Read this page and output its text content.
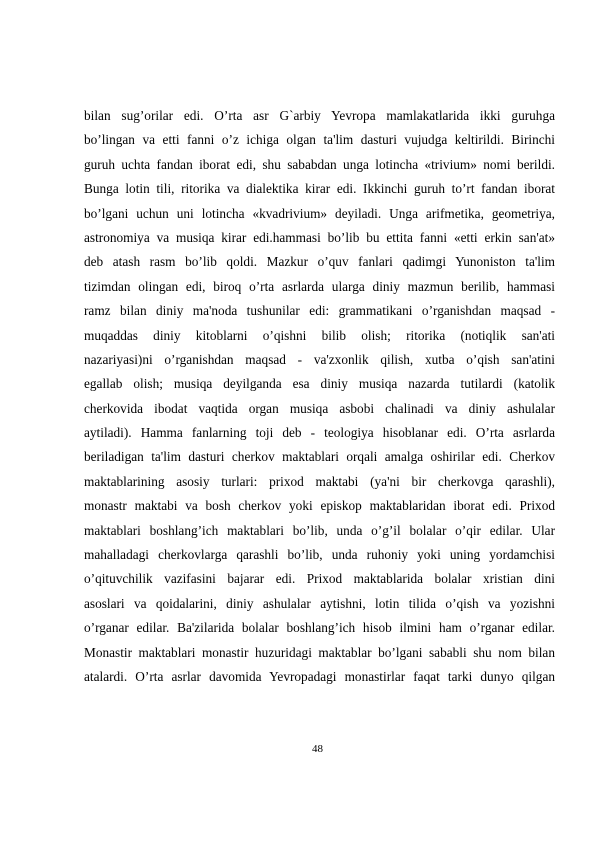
bilan sug’orilar edi. O’rta asr G`arbiy Yevropa mamlakatlarida ikki guruhga
bo’lingan va etti fanni o’z ichiga olgan ta'lim dasturi vujudga keltirildi. Birinchi
guruh uchta fandan iborat edi, shu sababdan unga lotincha «trivium» nomi berildi.
Bunga lotin tili, ritorika va dialektika kirar edi. Ikkinchi guruh to’rt fandan iborat
bo’lgani uchun uni lotincha «kvadrivium» deyiladi. Unga arifmetika, geometriya,
astronomiya va musiqa kirar edi.hammasi bo’lib bu ettita fanni «etti erkin san'at»
deb atash rasm bo’lib qoldi. Mazkur o’quv fanlari qadimgi Yunoniston ta'lim
tizimdan olingan edi, biroq o’rta asrlarda ularga diniy mazmun berilib, hammasi
ramz bilan diniy ma'noda tushunilar edi: grammatikani o’rganishdan maqsad -
muqaddas diniy kitoblarni o’qishni bilib olish; ritorika (notiqlik san'ati
nazariyasi)ni o’rganishdan maqsad - va'zxonlik qilish, xutba o’qish san'atini
egallab olish; musiqa deyilganda esa diniy musiqa nazarda tutilardi (katolik
cherkovida ibodat vaqtida organ musiqa asbobi chalinadi va diniy ashulalar
aytiladi). Hamma fanlarning toji deb - teologiya hisoblanar edi. O’rta asrlarda
beriladigan ta'lim dasturi cherkov maktablari orqali amalga oshirilar edi. Cherkov
maktablarining asosiy turlari: prixod maktabi (ya'ni bir cherkovga qarashli),
monastr maktabi va bosh cherkov yoki episkop maktablaridan iborat edi. Prixod
maktablari boshlang’ich maktablari bo’lib, unda o’g’il bolalar o’qir edilar. Ular
mahalladagi cherkovlarga qarashli bo’lib, unda ruhoniy yoki uning yordamchisi
o’qituvchilik vazifasini bajarar edi. Prixod maktablarida bolalar xristian dini
asoslari va qoidalarini, diniy ashulalar aytishni, lotin tilida o’qish va yozishni
o’rganar edilar. Ba'zilarida bolalar boshlang’ich hisob ilmini ham o’rganar edilar.
Monastir maktablari monastir huzuridagi maktablar bo’lgani sababli shu nom bilan
atalardi. O’rta asrlar davomida Yevropadagi monastirlar faqat tarki dunyo qilgan
48
